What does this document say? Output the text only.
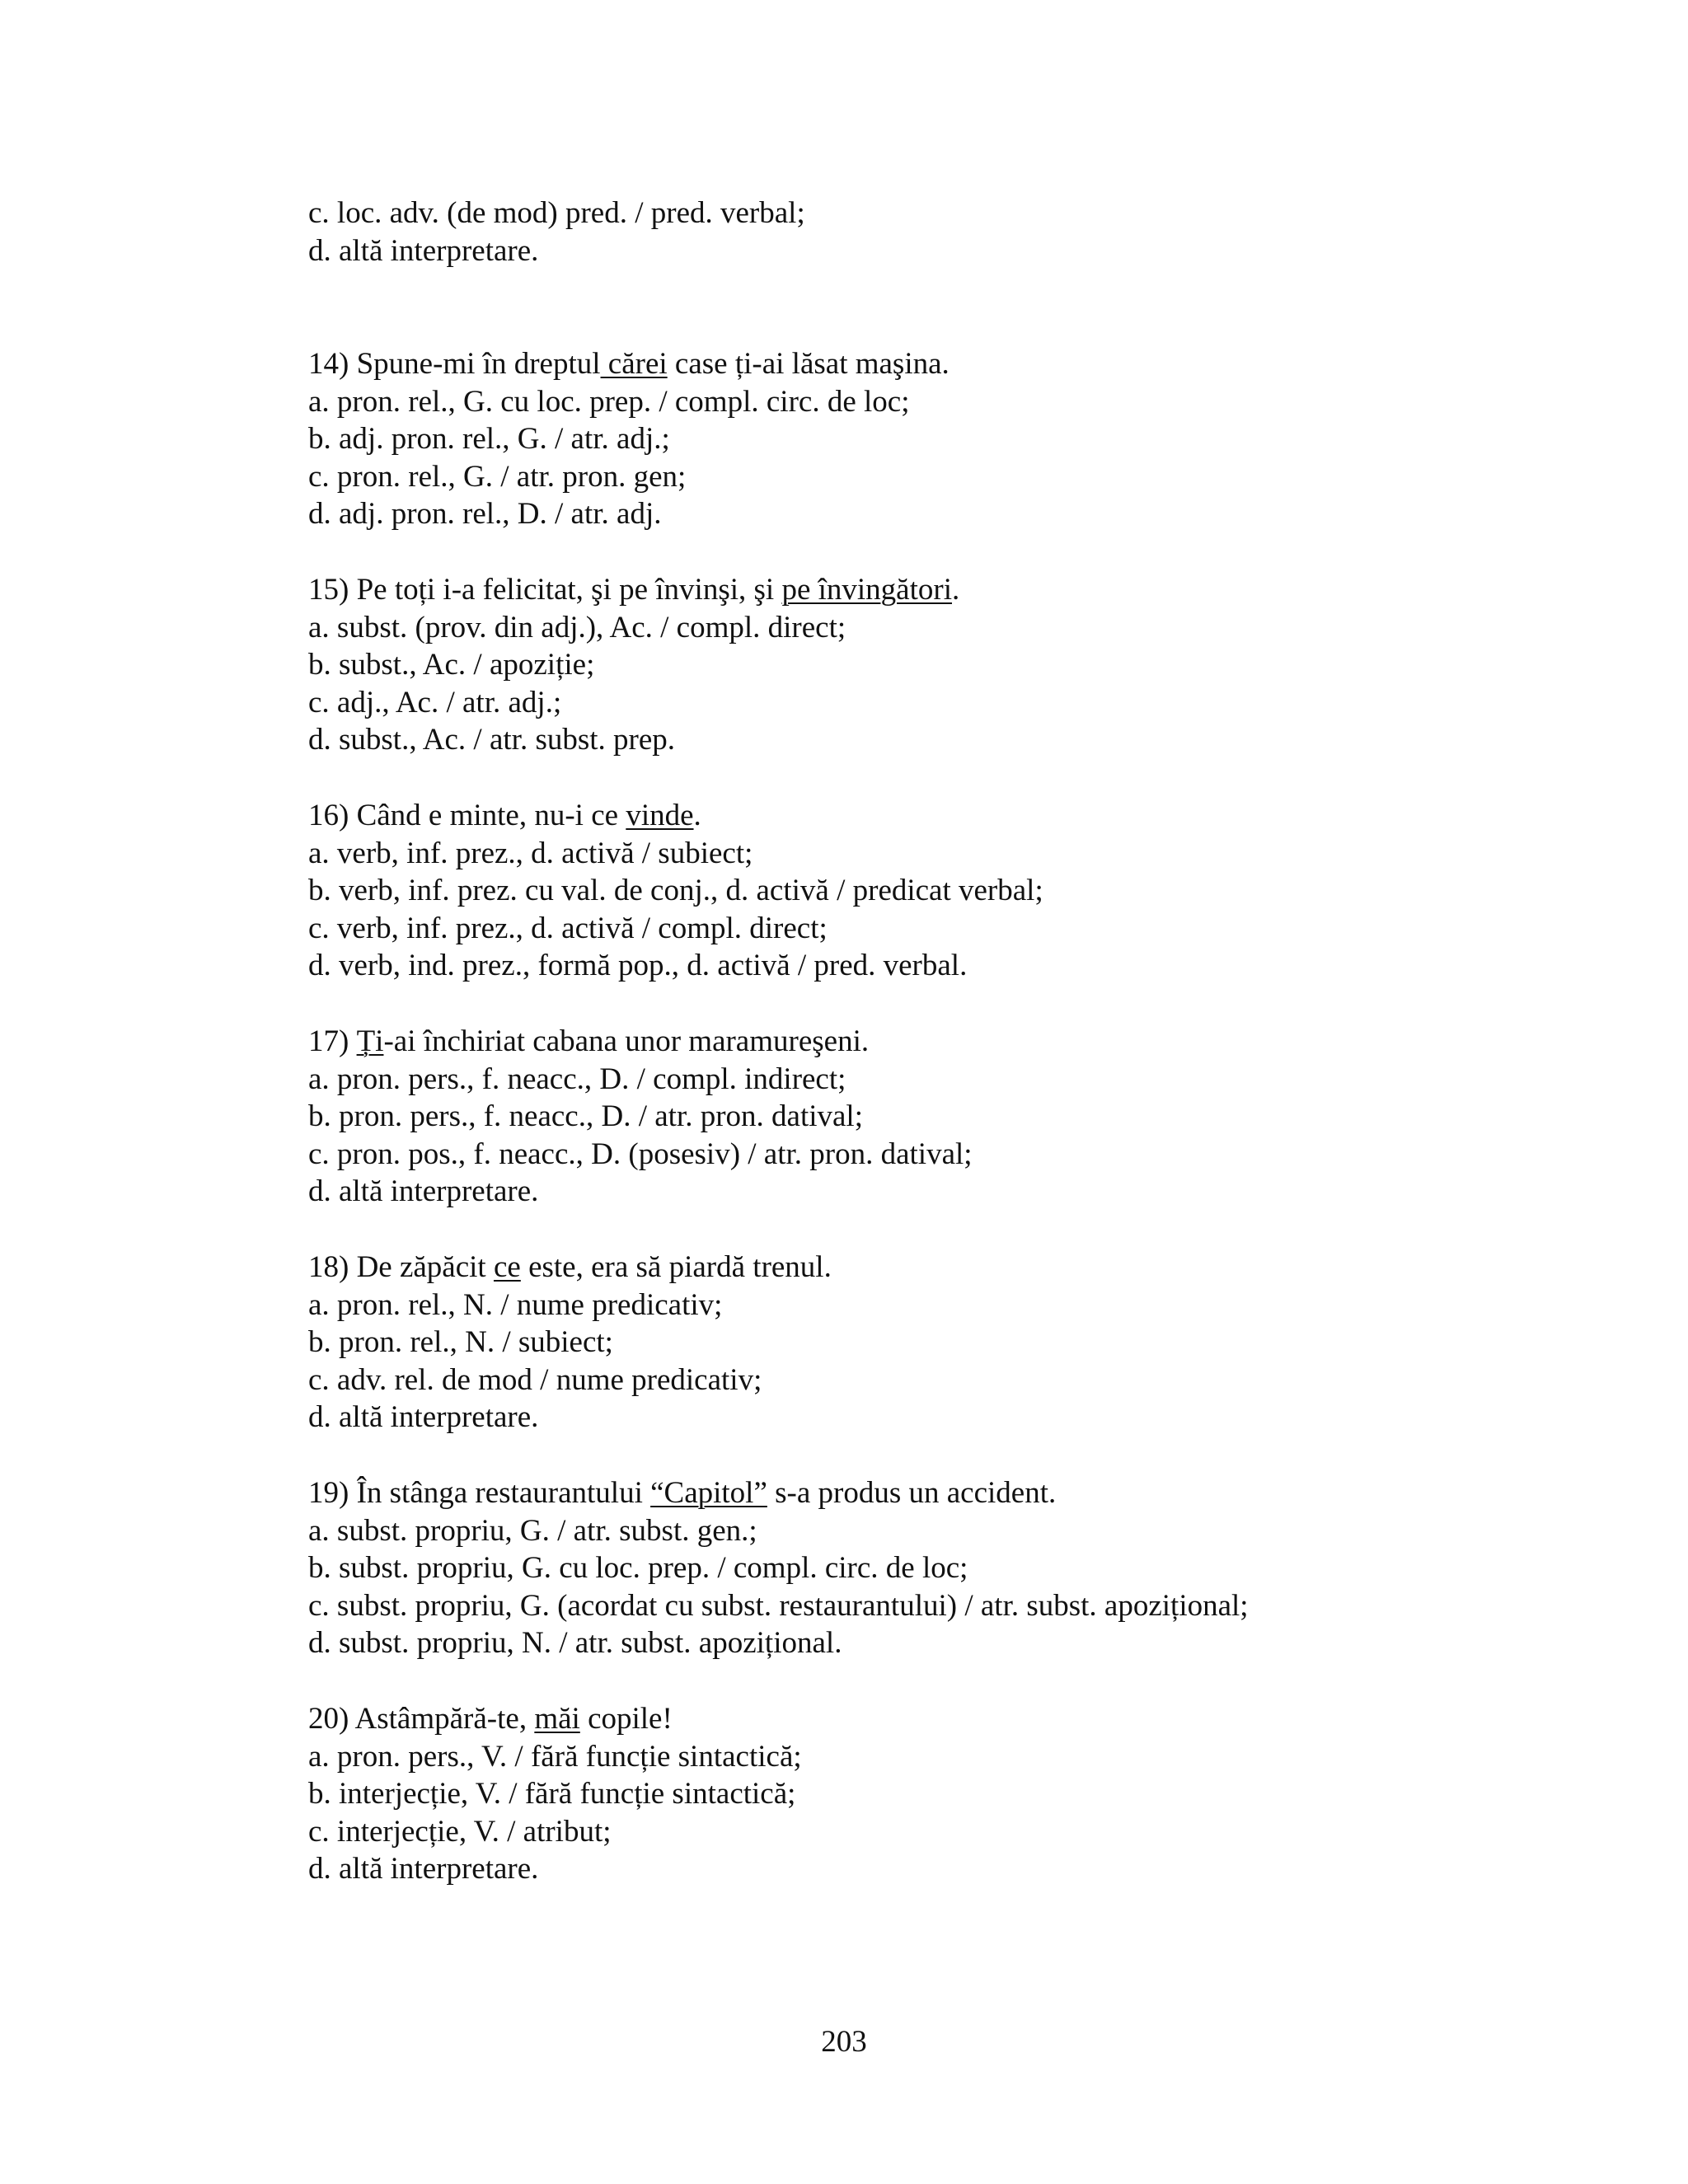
c. loc. adv. (de mod) pred. / pred. verbal;

d. altă interpretare.

14) Spune-mi în dreptul cărei case ți-ai lăsat maşina.

a. pron. rel., G. cu loc. prep. / compl. circ. de loc;

b. adj. pron. rel., G. / atr. adj.;

c. pron. rel., G. / atr. pron. gen;

d. adj. pron. rel., D. / atr. adj.

15) Pe toți i-a felicitat, şi pe învinşi, şi pe învingători.

a. subst. (prov. din adj.), Ac. / compl. direct;

b. subst., Ac. / apoziție;

c. adj., Ac. / atr. adj.;

d. subst., Ac. / atr. subst. prep.

16) Când e minte, nu-i ce vinde.

a. verb, inf. prez., d. activă / subiect;

b. verb, inf. prez. cu val. de conj., d. activă / predicat verbal;

c. verb, inf. prez., d. activă / compl. direct;

d. verb, ind. prez., formă pop., d. activă / pred. verbal.

17) Ți-ai închiriat cabana unor maramureşeni.

a. pron. pers., f. neacc., D. / compl. indirect;

b. pron. pers., f. neacc., D. / atr. pron. datival;

c. pron. pos., f. neacc., D. (posesiv) / atr. pron. datival;

d. altă interpretare.

18) De zăpăcit ce este, era să piardă trenul.

a. pron. rel., N. / nume predicativ;

b. pron. rel., N. / subiect;

c. adv. rel. de mod / nume predicativ;

d. altă interpretare.

19) În stânga restaurantului “Capitol” s-a produs un accident.

a. subst. propriu, G. / atr. subst. gen.;

b. subst. propriu, G. cu loc. prep. / compl. circ. de loc;

c. subst. propriu, G. (acordat cu subst. restaurantului) / atr. subst. apozițional;

d. subst. propriu, N. / atr. subst. apozițional.

20) Astâmpără-te, măi copile!

a. pron. pers., V. / fără funcție sintactică;

b. interjecție, V. / fără funcție sintactică;

c. interjecție, V. / atribut;

d. altă interpretare.

203
